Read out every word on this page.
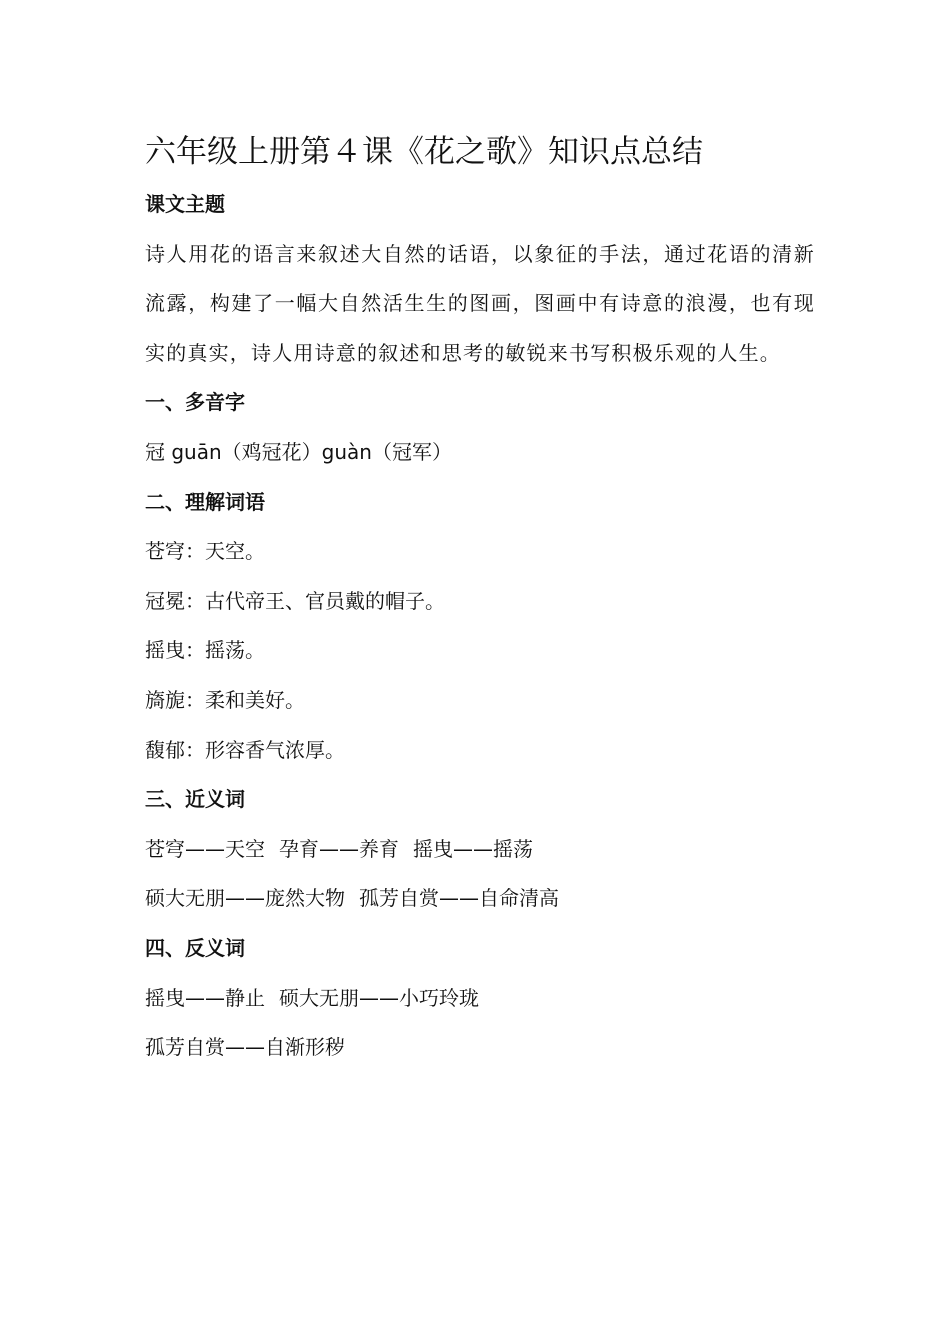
六年级上册第４课《花之歌》知识点总结
课文主题

诗人用花的语言来叙述大自然的话语，以象征的手法，通过花语的清新流露，构建了一幅大自然活生生的图画，图画中有诗意的浪漫，也有现实的真实，诗人用诗意的叙述和思考的敏锐来书写积极乐观的人生。

一、多音字
冠 guān（鸡冠花）guàn（冠军）
二、理解词语
苍穹：天空。
冠冕：古代帝王、官员戴的帽子。
摇曳：摇荡。
旖旎：柔和美好。
馥郁：形容香气浓厚。
三、近义词
苍穹——天空 孕育——养育 摇曳——摇荡
硕大无朋——庞然大物 孤芳自赏——自命清高
四、反义词
摇曳——静止 硕大无朋——小巧玲珑
孤芳自赏——自渐形秽
